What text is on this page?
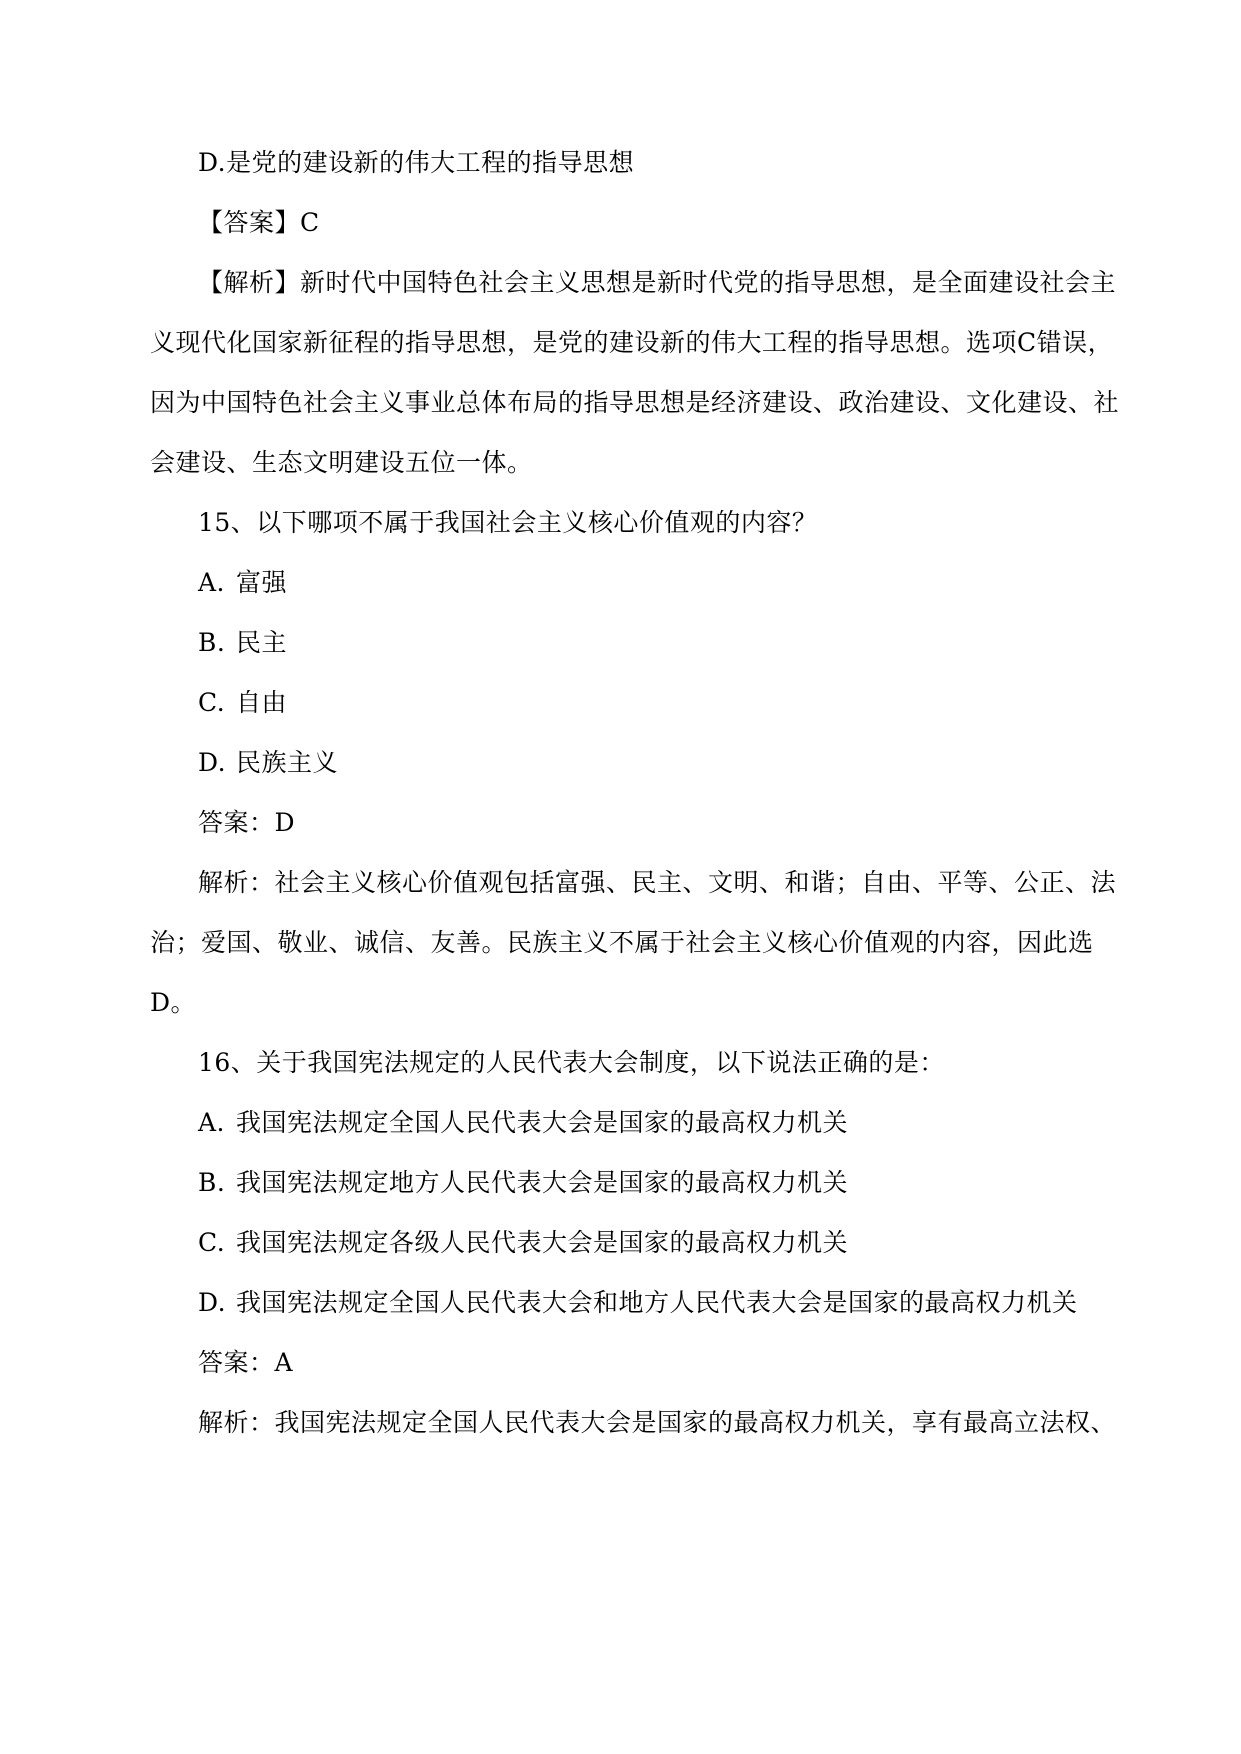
D.是党的建设新的伟大工程的指导思想
【答案】C
【解析】新时代中国特色社会主义思想是新时代党的指导思想，是全面建设社会主
义现代化国家新征程的指导思想，是党的建设新的伟大工程的指导思想。选项C错误，
因为中国特色社会主义事业总体布局的指导思想是经济建设、政治建设、文化建设、社
会建设、生态文明建设五位一体。
15、以下哪项不属于我国社会主义核心价值观的内容？
A. 富强
B. 民主
C. 自由
D. 民族主义
答案：D
解析：社会主义核心价值观包括富强、民主、文明、和谐；自由、平等、公正、法
治；爱国、敬业、诚信、友善。民族主义不属于社会主义核心价值观的内容，因此选
D。
16、关于我国宪法规定的人民代表大会制度，以下说法正确的是：
A. 我国宪法规定全国人民代表大会是国家的最高权力机关
B. 我国宪法规定地方人民代表大会是国家的最高权力机关
C. 我国宪法规定各级人民代表大会是国家的最高权力机关
D. 我国宪法规定全国人民代表大会和地方人民代表大会是国家的最高权力机关
答案：A
解析：我国宪法规定全国人民代表大会是国家的最高权力机关，享有最高立法权、
